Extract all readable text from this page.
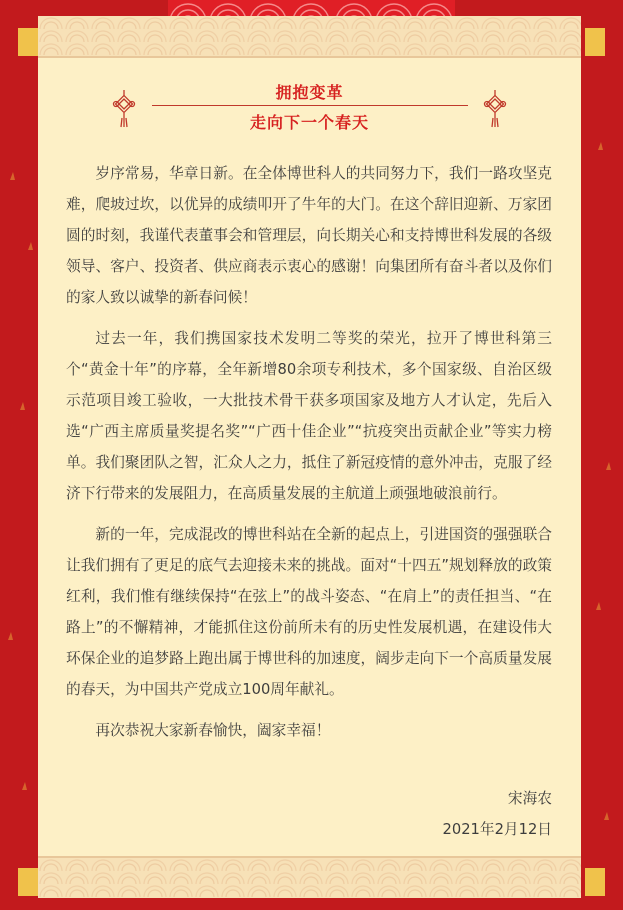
拥抱变革
走向下一个春天

岁序常易，华章日新。在全体博世科人的共同努力下，我们一路攻坚克难，爬坡过坎，以优异的成绩叩开了牛年的大门。在这个辞旧迎新、万家团圆的时刻，我谨代表董事会和管理层，向长期关心和支持博世科发展的各级领导、客户、投资者、供应商表示衷心的感谢！向集团所有奋斗者以及你们的家人致以诚挚的新春问候！

过去一年，我们携国家技术发明二等奖的荣光，拉开了博世科第三个“黄金十年”的序幕，全年新增80余项专利技术，多个国家级、自治区级示范项目竣工验收，一大批技术骨干获多项国家及地方人才认定，先后入选“广西主席质量奖提名奖”“广西十佳企业”“抗疫突出贡献企业”等实力榜单。我们聚团队之智，汇众人之力，抵住了新冠疫情的意外冲击，克服了经济下行带来的发展阻力，在高质量发展的主航道上顽强地破浪前行。

新的一年，完成混改的博世科站在全新的起点上，引进国资的强强联合让我们拥有了更足的底气去迎接未来的挑战。面对“十四五”规划释放的政策红利，我们惟有继续保持“在弦上”的战斗姿态、“在肩上”的责任担当、“在路上”的不懈精神，才能抓住这份前所未有的历史性发展机遇，在建设伟大环保企业的追梦路上跑出属于博世科的加速度，阔步走向下一个高质量发展的春天，为中国共产党成立100周年献礼。

再次恭祝大家新春愉快，阖家幸福！

宋海农
2021年2月12日
